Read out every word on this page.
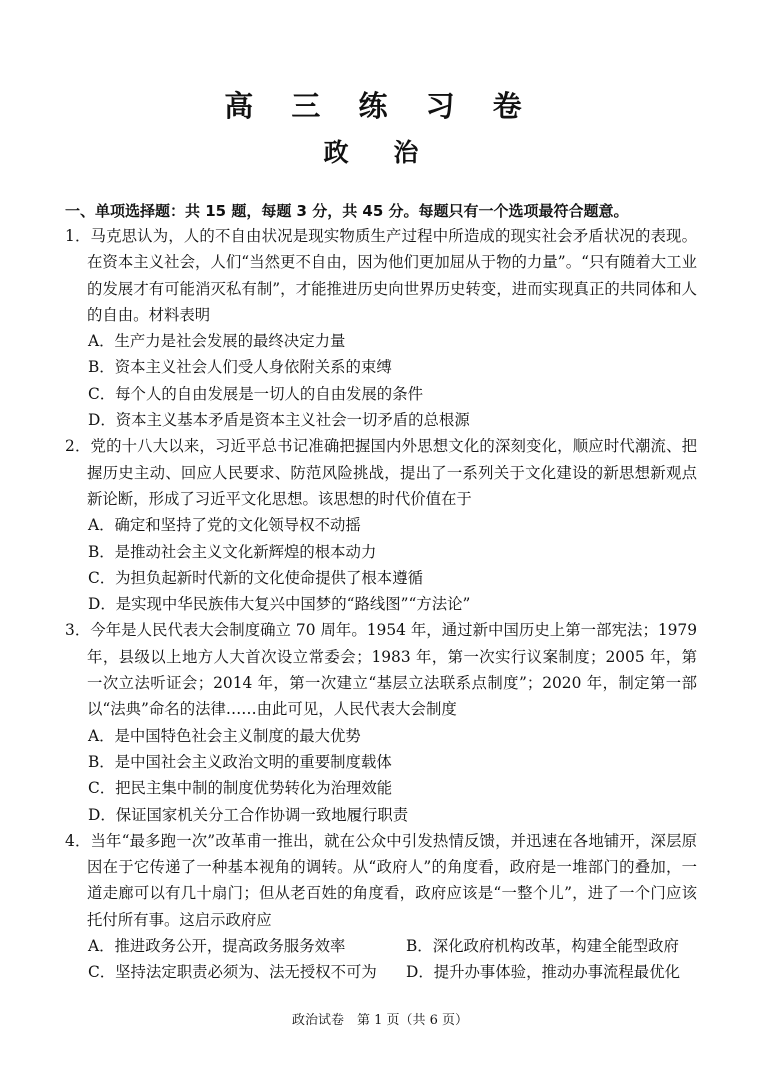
高 三 练 习 卷
政 治
一、单项选择题：共 15 题，每题 3 分，共 45 分。每题只有一个选项最符合题意。

1．马克思认为，人的不自由状况是现实物质生产过程中所造成的现实社会矛盾状况的表现。在资本主义社会，人们“当然更不自由，因为他们更加屈从于物的力量”。“只有随着大工业的发展才有可能消灭私有制”，才能推进历史向世界历史转变，进而实现真正的共同体和人的自由。材料表明

A．生产力是社会发展的最终决定力量

B．资本主义社会人们受人身依附关系的束缚

C．每个人的自由发展是一切人的自由发展的条件

D．资本主义基本矛盾是资本主义社会一切矛盾的总根源

2．党的十八大以来，习近平总书记准确把握国内外思想文化的深刻变化，顺应时代潮流、把握历史主动、回应人民要求、防范风险挑战，提出了一系列关于文化建设的新思想新观点新论断，形成了习近平文化思想。该思想的时代价值在于

A．确定和坚持了党的文化领导权不动摇

B．是推动社会主义文化新辉煌的根本动力

C．为担负起新时代新的文化使命提供了根本遵循

D．是实现中华民族伟大复兴中国梦的“路线图”“方法论”

3．今年是人民代表大会制度确立 70 周年。1954 年，通过新中国历史上第一部宪法；1979 年，县级以上地方人大首次设立常委会；1983 年，第一次实行议案制度；2005 年，第一次立法听证会；2014 年，第一次建立“基层立法联系点制度”；2020 年，制定第一部以“法典”命名的法律……由此可见，人民代表大会制度

A．是中国特色社会主义制度的最大优势

B．是中国社会主义政治文明的重要制度载体

C．把民主集中制的制度优势转化为治理效能

D．保证国家机关分工合作协调一致地履行职责

4．当年“最多跑一次”改革甫一推出，就在公众中引发热情反馈，并迅速在各地铺开，深层原因在于它传递了一种基本视角的调转。从“政府人”的角度看，政府是一堆部门的叠加，一道走廊可以有几十扇门；但从老百姓的角度看，政府应该是“一整个儿”，进了一个门应该托付所有事。这启示政府应

A．推进政务公开，提高政务服务效率	B．深化政府机构改革，构建全能型政府
C．坚持法定职责必须为、法无授权不可为	D．提升办事体验，推动办事流程最优化
政治试卷　第 1 页（共 6 页）
